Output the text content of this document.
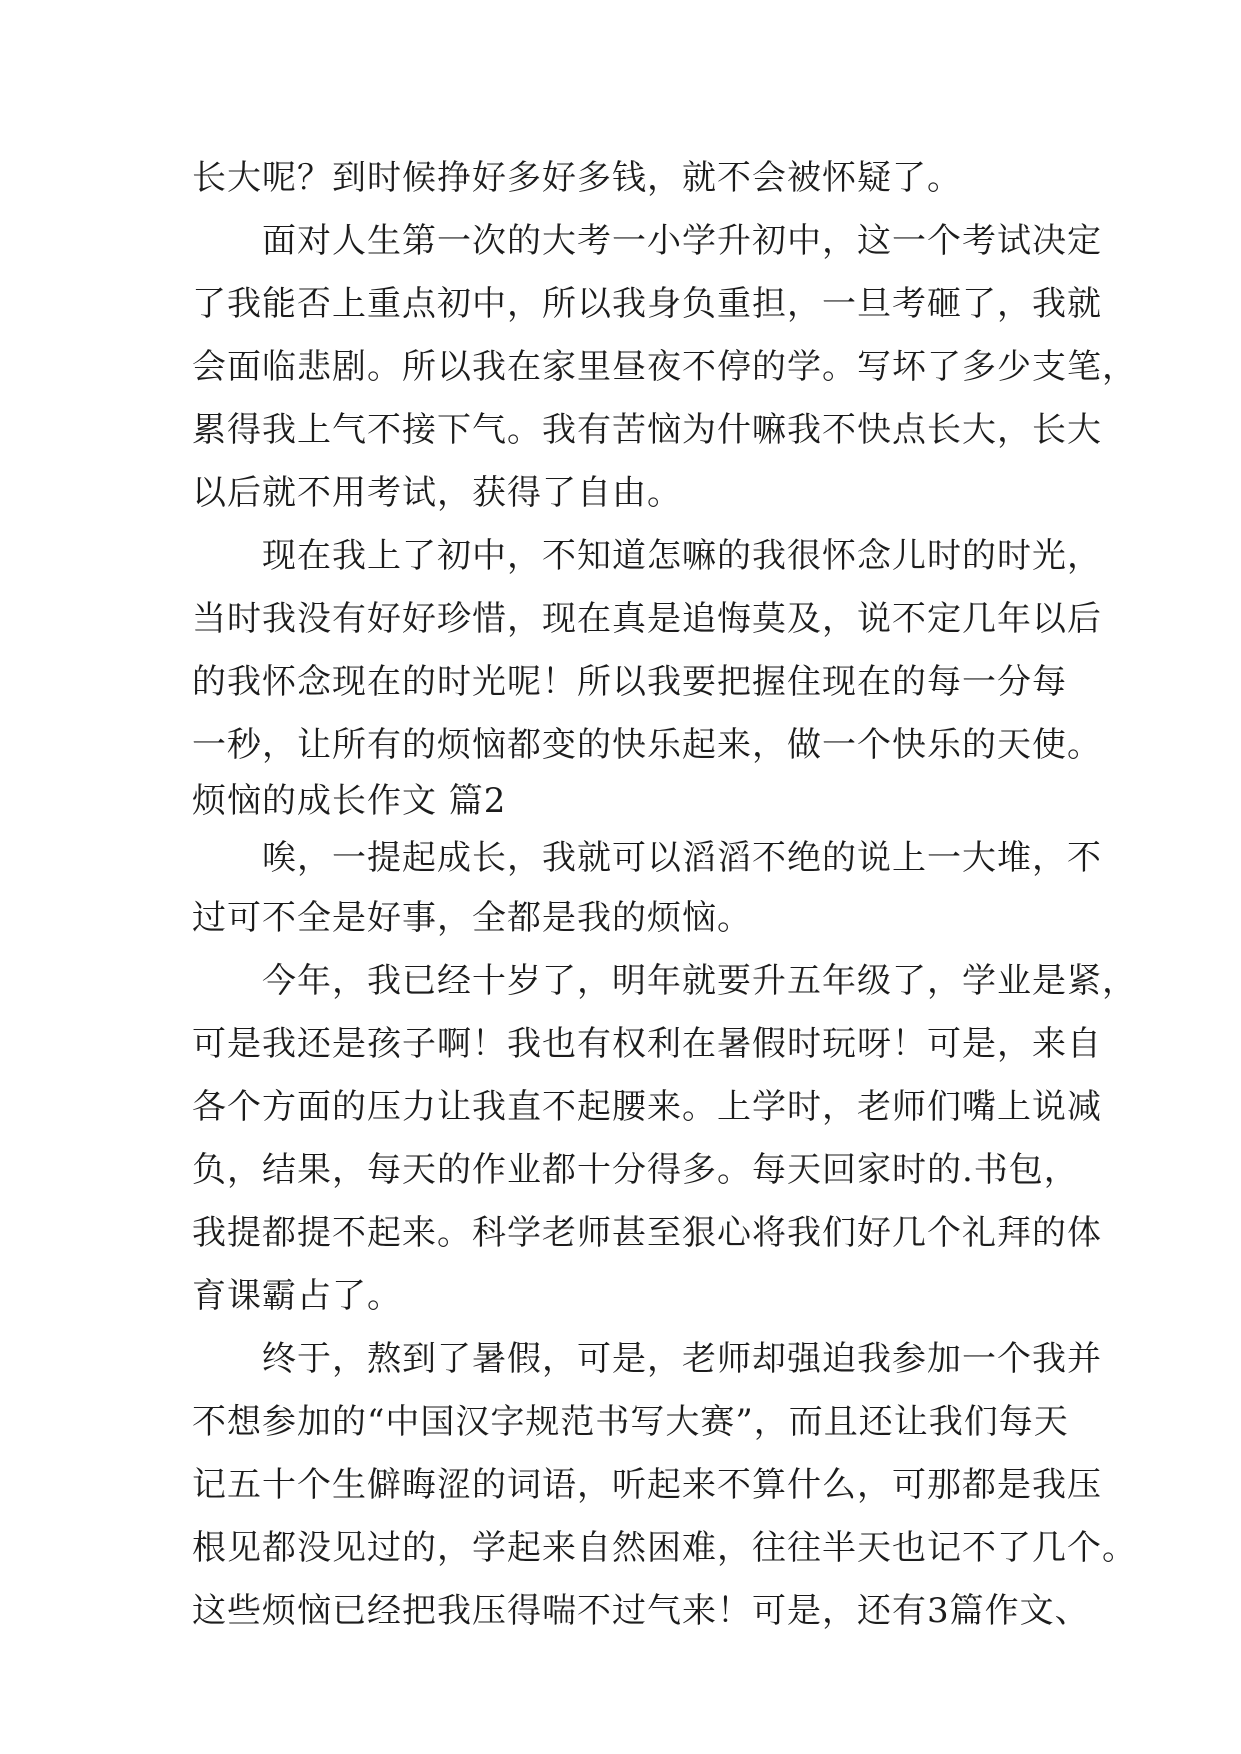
长大呢？到时候挣好多好多钱，就不会被怀疑了。
　　面对人生第一次的大考一小学升初中，这一个考试决定
了我能否上重点初中，所以我身负重担，一旦考砸了，我就
会面临悲剧。所以我在家里昼夜不停的学。写坏了多少支笔，
累得我上气不接下气。我有苦恼为什嘛我不快点长大，长大
以后就不用考试，获得了自由。
　　现在我上了初中，不知道怎嘛的我很怀念儿时的时光，
当时我没有好好珍惜，现在真是追悔莫及，说不定几年以后
的我怀念现在的时光呢！所以我要把握住现在的每一分每
一秒，让所有的烦恼都变的快乐起来，做一个快乐的天使。
烦恼的成长作文 篇2
　　唉，一提起成长，我就可以滔滔不绝的说上一大堆，不
过可不全是好事，全都是我的烦恼。
　　今年，我已经十岁了，明年就要升五年级了，学业是紧，
可是我还是孩子啊！我也有权利在暑假时玩呀！可是，来自
各个方面的压力让我直不起腰来。上学时，老师们嘴上说减
负，结果，每天的作业都十分得多。每天回家时的.书包，
我提都提不起来。科学老师甚至狠心将我们好几个礼拜的体
育课霸占了。
　　终于，熬到了暑假，可是，老师却强迫我参加一个我并
不想参加的“中国汉字规范书写大赛”，而且还让我们每天
记五十个生僻晦涩的词语，听起来不算什么，可那都是我压
根见都没见过的，学起来自然困难，往往半天也记不了几个。
这些烦恼已经把我压得喘不过气来！可是，还有3篇作文、
